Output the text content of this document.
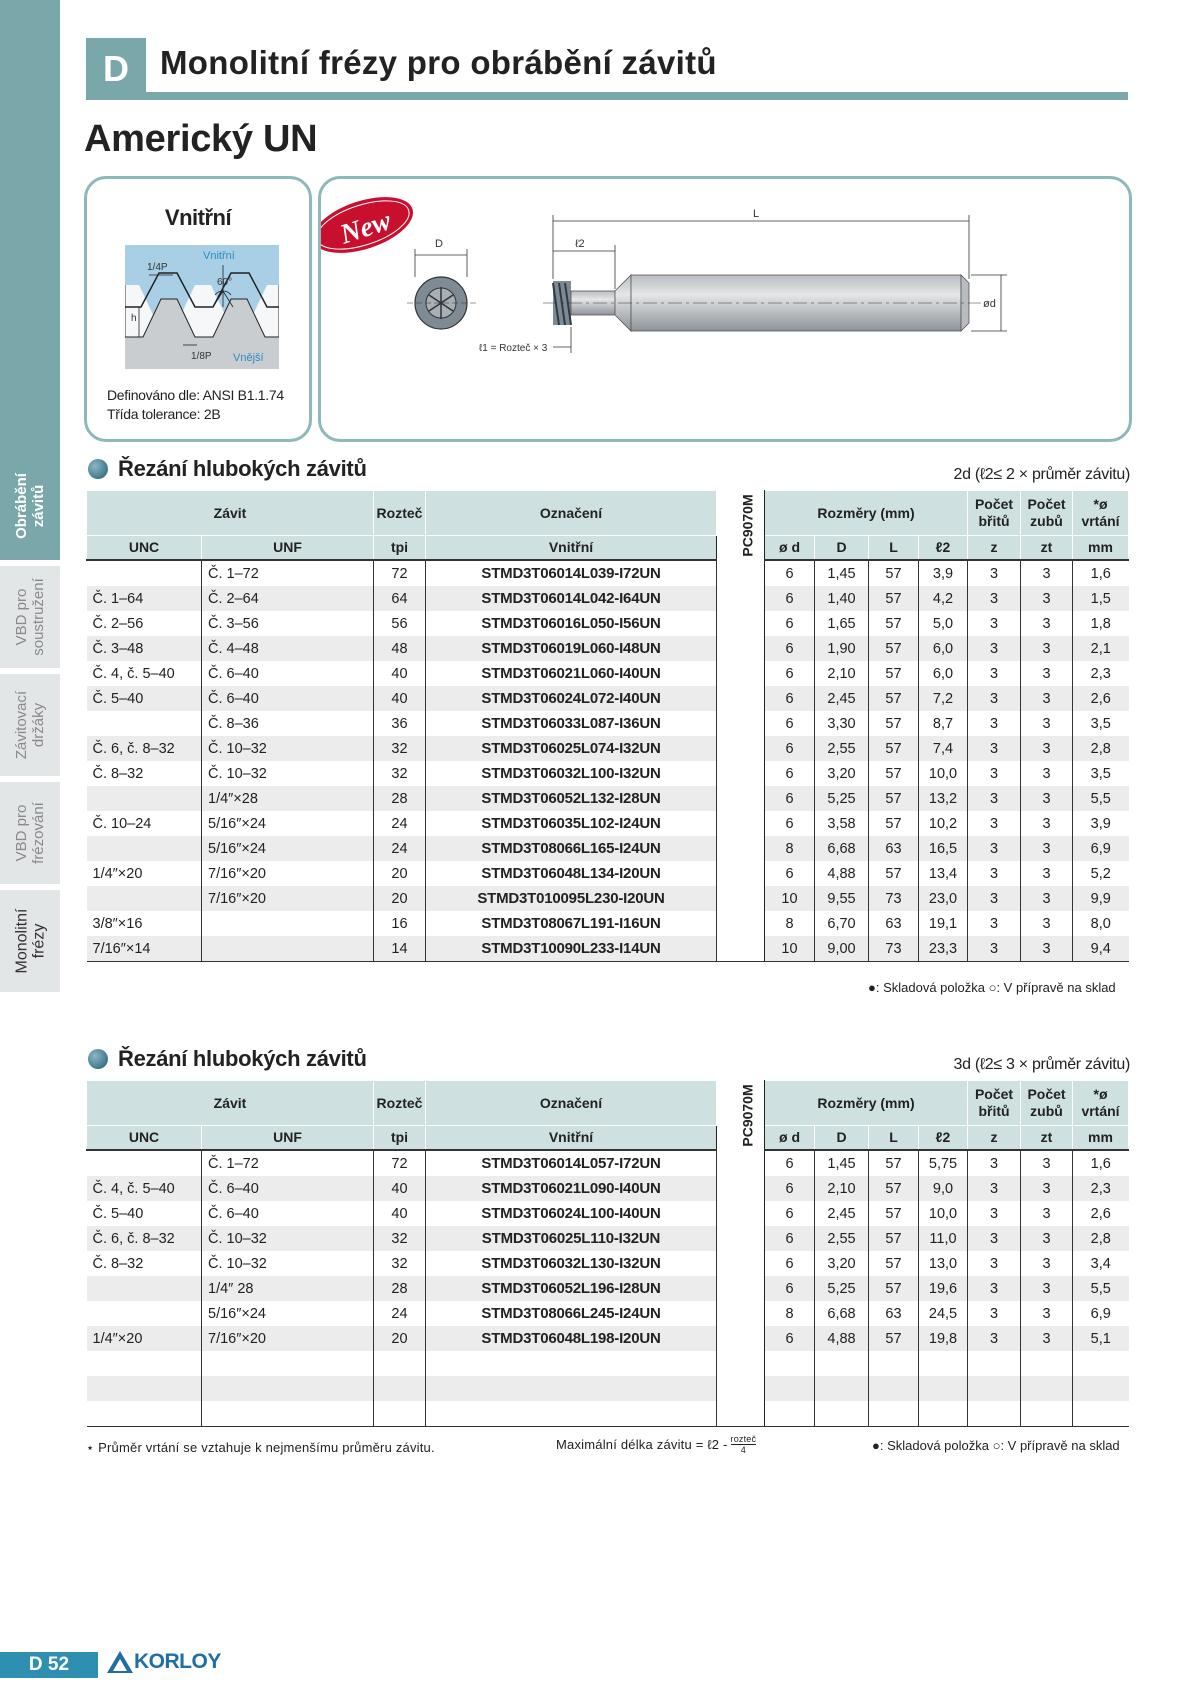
Obrábění
závitů
VBD pro
soustružení
Závitovací
držáky
VBD pro
frézování
Monolitní
frézy
D Monolitní frézy pro obrábění závitů
Americký UN
Vnitřní
1/4P
Vnitřní
60°
h
1/8P Vnější
Definováno dle: ANSI B1.1.74
Třída tolerance: 2B
New	D
L
ℓ2
ød
ℓ1 = Rozteč × 3
Řezání hlubokých závitů	2d (ℓ2≤ 2 × průměr závitu)
Závit		Rozteč	Označení	PC9070M	Rozměry (mm)				Počet
břitů	Počet
zubů	*ø
vrtání
UNC	UNF	tpi	Vnitřní		ø d	D	L	ℓ2	z	zt	mm
	Č. 1–72	72	STMD3T06014L039-I72UN		6	1,45	57	3,9	3	3	1,6
Č. 1–64	Č. 2–64	64	STMD3T06014L042-I64UN		6	1,40	57	4,2	3	3	1,5
Č. 2–56	Č. 3–56	56	STMD3T06016L050-I56UN		6	1,65	57	5,0	3	3	1,8
Č. 3–48	Č. 4–48	48	STMD3T06019L060-I48UN		6	1,90	57	6,0	3	3	2,1
Č. 4, č. 5–40	Č. 6–40	40	STMD3T06021L060-I40UN		6	2,10	57	6,0	3	3	2,3
Č. 5–40	Č. 6–40	40	STMD3T06024L072-I40UN		6	2,45	57	7,2	3	3	2,6
	Č. 8–36	36	STMD3T06033L087-I36UN		6	3,30	57	8,7	3	3	3,5
Č. 6, č. 8–32	Č. 10–32	32	STMD3T06025L074-I32UN		6	2,55	57	7,4	3	3	2,8
Č. 8–32	Č. 10–32	32	STMD3T06032L100-I32UN		6	3,20	57	10,0	3	3	3,5
	1/4″×28	28	STMD3T06052L132-I28UN		6	5,25	57	13,2	3	3	5,5
Č. 10–24	5/16″×24	24	STMD3T06035L102-I24UN		6	3,58	57	10,2	3	3	3,9
	5/16″×24	24	STMD3T08066L165-I24UN		8	6,68	63	16,5	3	3	6,9
1/4″×20	7/16″×20	20	STMD3T06048L134-I20UN		6	4,88	57	13,4	3	3	5,2
	7/16″×20	20	STMD3T010095L230-I20UN		10	9,55	73	23,0	3	3	9,9
3/8″×16		16	STMD3T08067L191-I16UN		8	6,70	63	19,1	3	3	8,0
7/16″×14		14	STMD3T10090L233-I14UN		10	9,00	73	23,3	3	3	9,4
●: Skladová položka ○: V přípravě na sklad
Řezání hlubokých závitů	3d (ℓ2≤ 3 × průměr závitu)
Závit		Rozteč	Označení	PC9070M	Rozměry (mm)				Počet
břitů	Počet
zubů	*ø
vrtání
UNC	UNF	tpi	Vnitřní		ø d	D	L	ℓ2	z	zt	mm
	Č. 1–72	72	STMD3T06014L057-I72UN		6	1,45	57	5,75	3	3	1,6
Č. 4, č. 5–40	Č. 6–40	40	STMD3T06021L090-I40UN		6	2,10	57	9,0	3	3	2,3
Č. 5–40	Č. 6–40	40	STMD3T06024L100-I40UN		6	2,45	57	10,0	3	3	2,6
Č. 6, č. 8–32	Č. 10–32	32	STMD3T06025L110-I32UN		6	2,55	57	11,0	3	3	2,8
Č. 8–32	Č. 10–32	32	STMD3T06032L130-I32UN		6	3,20	57	13,0	3	3	3,4
	1/4″ 28	28	STMD3T06052L196-I28UN		6	5,25	57	19,6	3	3	5,5
	5/16″×24	24	STMD3T08066L245-I24UN		8	6,68	63	24,5	3	3	6,9
1/4″×20	7/16″×20	20	STMD3T06048L198-I20UN		6	4,88	57	19,8	3	3	5,1

⋆ Průměr vrtání se vztahuje k nejmenšímu průměru závitu.	Maximální délka závitu = ℓ2 - $\frac{\text{rozteč}}{4}$	●: Skladová položka ○: V přípravě na sklad
D 52	KORLOY
